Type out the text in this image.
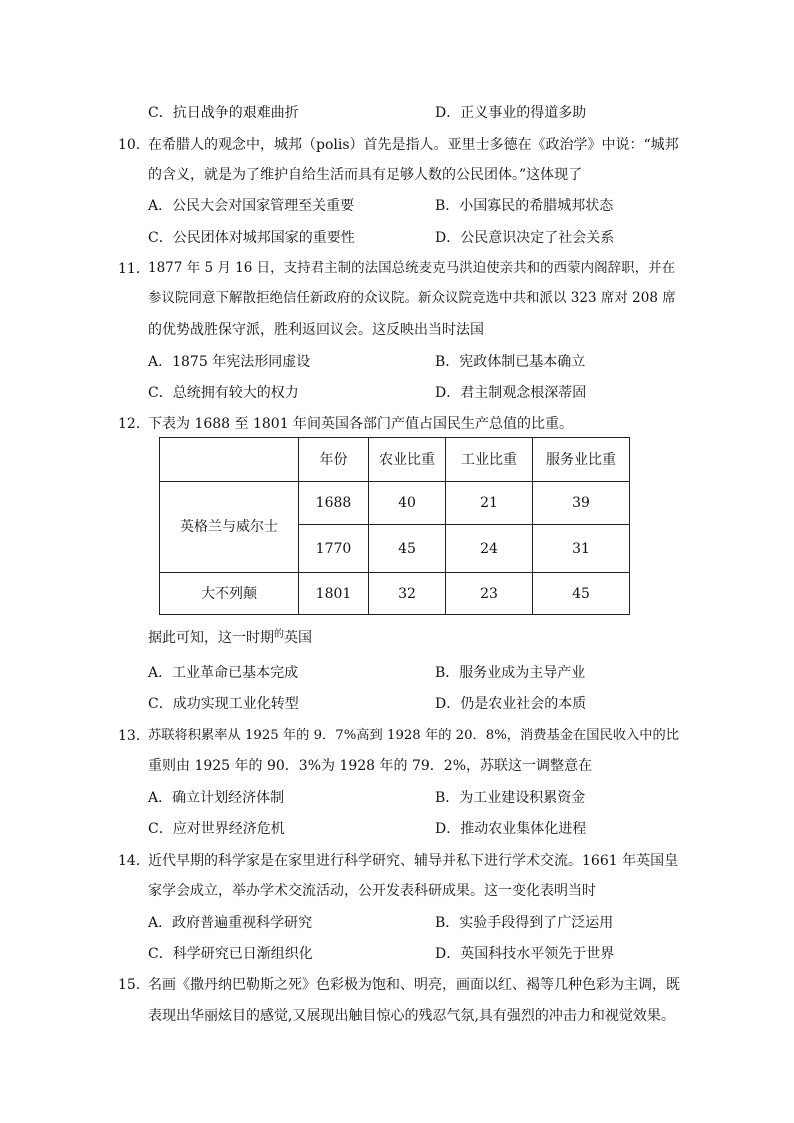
C．抗日战争的艰难曲折	D．正义事业的得道多助
10．
在希腊人的观念中，城邦（polis）首先是指人。亚里士多德在《政治学》中说：“城邦
的含义，就是为了维护自给生活而具有足够人数的公民团体。”这体现了
A．公民大会对国家管理至关重要	B．小国寡民的希腊城邦状态
C．公民团体对城邦国家的重要性	D．公民意识决定了社会关系
11．
1877 年 5 月 16 日，支持君主制的法国总统麦克马洪迫使亲共和的西蒙内阁辞职，并在
参议院同意下解散拒绝信任新政府的众议院。新众议院竞选中共和派以 323 席对 208 席
的优势战胜保守派，胜利返回议会。这反映出当时法国
A．1875 年宪法形同虚设	B．宪政体制已基本确立
C．总统拥有较大的权力	D．君主制观念根深蒂固
12．
下表为 1688 至 1801 年间英国各部门产值占国民生产总值的比重。
	年份	农业比重	工业比重	服务业比重
英格兰与威尔士	1688	40	21	39
	1770	45	24	31
大不列颠	1801	32	23	45
据此可知，这一时期$^的$英国
A．工业革命已基本完成	B．服务业成为主导产业
C．成功实现工业化转型	D．仍是农业社会的本质
13．
苏联将积累率从 1925 年的 9．7%高到 1928 年的 20．8%，消费基金在国民收入中的比
重则由 1925 年的 90．3%为 1928 年的 79．2%，苏联这一调整意在
A．确立计划经济体制	B．为工业建设积累资金
C．应对世界经济危机	D．推动农业集体化进程
14．
近代早期的科学家是在家里进行科学研究、辅导并私下进行学术交流。1661 年英国皇
家学会成立，举办学术交流活动，公开发表科研成果。这一变化表明当时
A．政府普遍重视科学研究	B．实验手段得到了广泛运用
C．科学研究已日渐组织化	D．英国科技水平领先于世界
15．
名画《撒丹纳巴勒斯之死》色彩极为饱和、明亮，画面以红、褐等几种色彩为主调，既
表现出华丽炫目的感觉,又展现出触目惊心的残忍气氛,具有强烈的冲击力和视觉效果。
